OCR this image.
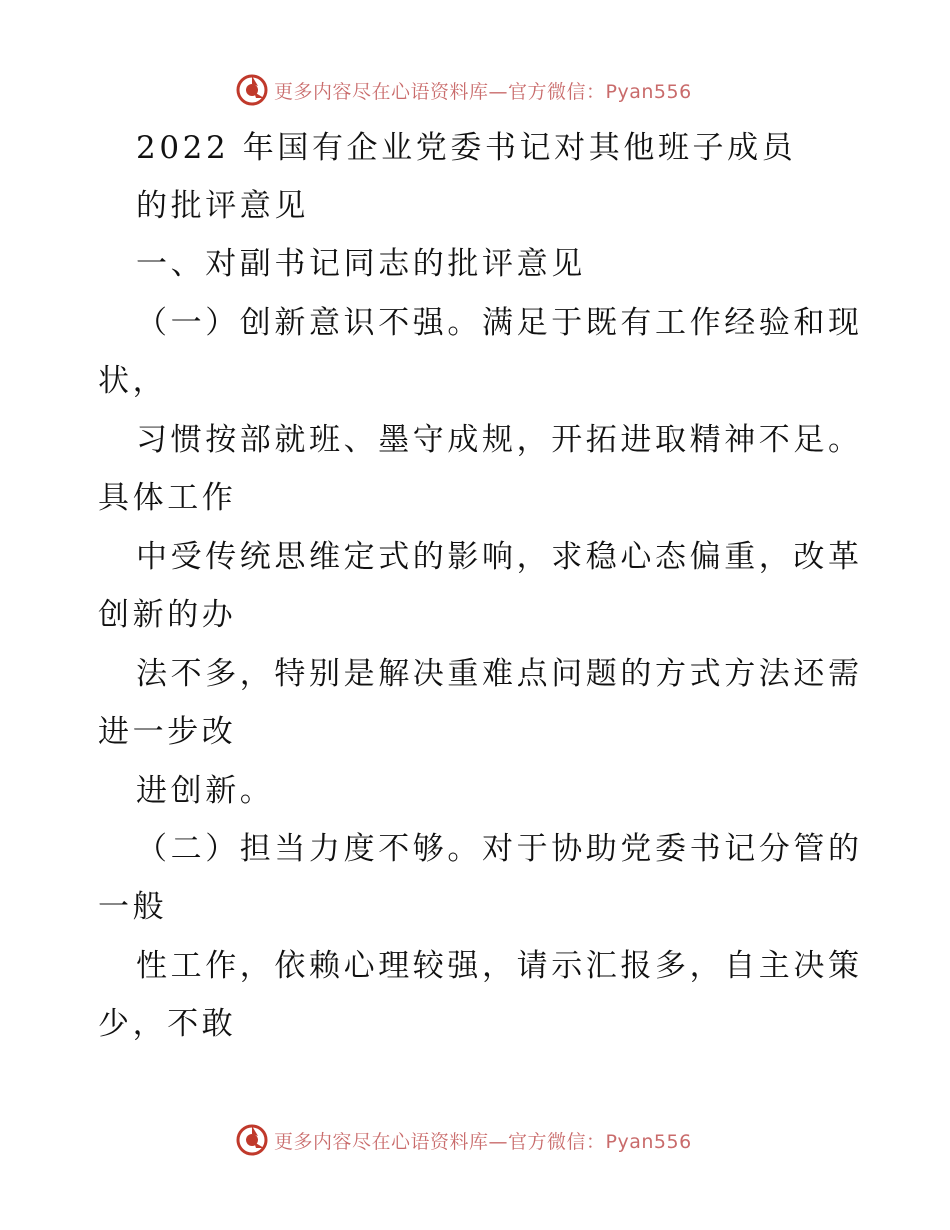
更多内容尽在心语资料库—官方微信：Pyan556
2022 年国有企业党委书记对其他班子成员
的批评意见
一、对副书记同志的批评意见
（一）创新意识不强。满足于既有工作经验和现
状，
习惯按部就班、墨守成规，开拓进取精神不足。
具体工作
中受传统思维定式的影响，求稳心态偏重，改革
创新的办
法不多，特别是解决重难点问题的方式方法还需
进一步改
进创新。
（二）担当力度不够。对于协助党委书记分管的
一般
性工作，依赖心理较强，请示汇报多，自主决策
少，不敢
更多内容尽在心语资料库—官方微信：Pyan556
